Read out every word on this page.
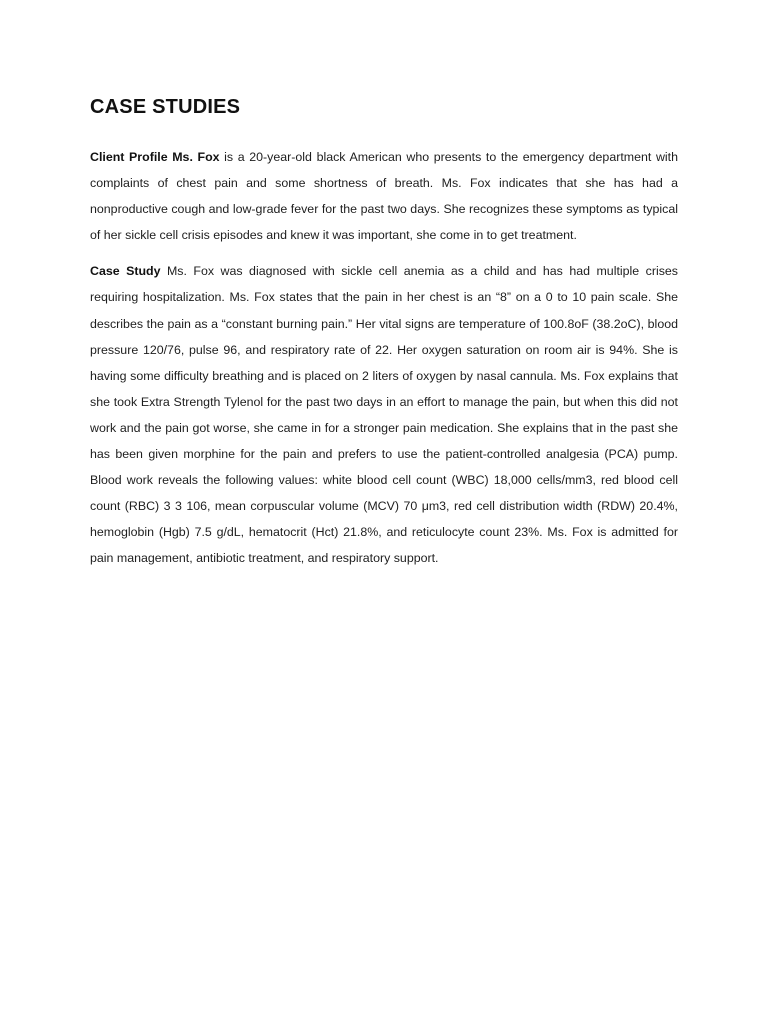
CASE STUDIES

Client Profile Ms. Fox is a 20-year-old black American who presents to the emergency department with complaints of chest pain and some shortness of breath. Ms. Fox indicates that she has had a nonproductive cough and low-grade fever for the past two days. She recognizes these symptoms as typical of her sickle cell crisis episodes and knew it was important, she come in to get treatment.

Case Study Ms. Fox was diagnosed with sickle cell anemia as a child and has had multiple crises requiring hospitalization. Ms. Fox states that the pain in her chest is an “8” on a 0 to 10 pain scale. She describes the pain as a “constant burning pain.” Her vital signs are temperature of 100.8oF (38.2oC), blood pressure 120/76, pulse 96, and respiratory rate of 22. Her oxygen saturation on room air is 94%. She is having some difficulty breathing and is placed on 2 liters of oxygen by nasal cannula. Ms. Fox explains that she took Extra Strength Tylenol for the past two days in an effort to manage the pain, but when this did not work and the pain got worse, she came in for a stronger pain medication. She explains that in the past she has been given morphine for the pain and prefers to use the patient-controlled analgesia (PCA) pump. Blood work reveals the following values: white blood cell count (WBC) 18,000 cells/mm3, red blood cell count (RBC) 3 3 106, mean corpuscular volume (MCV) 70 μm3, red cell distribution width (RDW) 20.4%, hemoglobin (Hgb) 7.5 g/dL, hematocrit (Hct) 21.8%, and reticulocyte count 23%. Ms. Fox is admitted for pain management, antibiotic treatment, and respiratory support.
